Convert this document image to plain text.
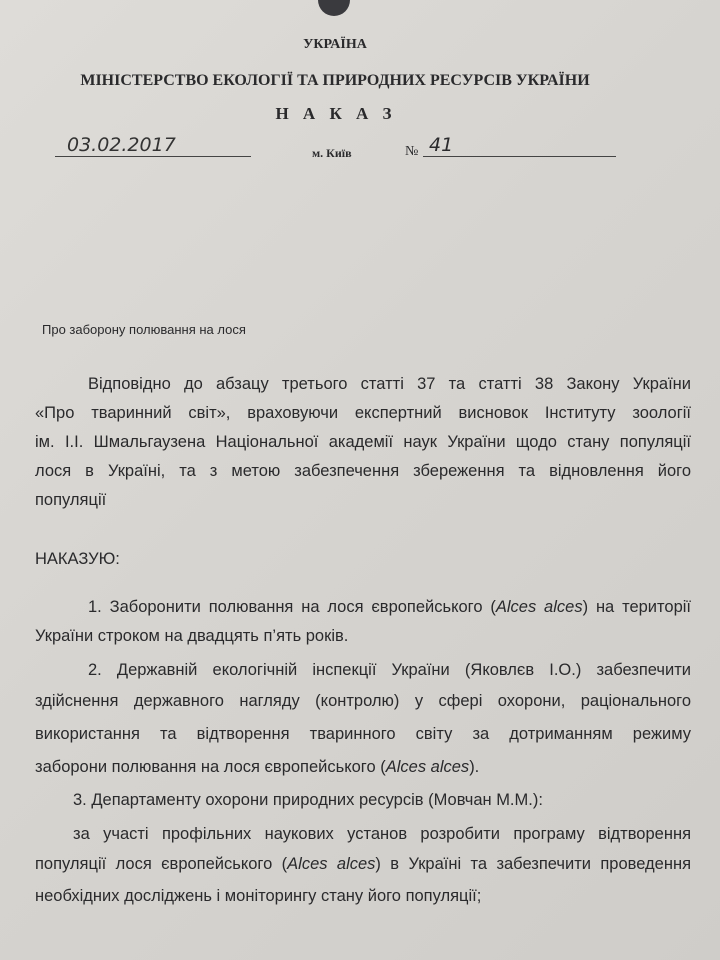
УКРАЇНА
МІНІСТЕРСТВО ЕКОЛОГІЇ ТА ПРИРОДНИХ РЕСУРСІВ УКРАЇНИ
Н А К А З
03.02.2017	м. Київ	№ 41
Про заборону полювання на лося
Відповідно до абзацу третього статті 37 та статті 38 Закону України
«Про тваринний світ», враховуючи експертний висновок Інституту зоології
ім. І.І. Шмальгаузена Національної академії наук України щодо стану популяції
лося в Україні, та з метою забезпечення збереження та відновлення його
популяції
НАКАЗУЮ:
1. Заборонити полювання на лося європейського (Alces alces) на території
України строком на двадцять п’ять років.
2. Державній екологічній інспекції України (Яковлєв І.О.) забезпечити
здійснення державного нагляду (контролю) у сфері охорони, раціонального
використання та відтворення тваринного світу за дотриманням режиму
заборони полювання на лося європейського (Alces alces).
3. Департаменту охорони природних ресурсів (Мовчан М.М.):
за участі профільних наукових установ розробити програму відтворення
популяції лося європейського (Alces alces) в Україні та забезпечити проведення
необхідних досліджень і моніторингу стану його популяції;
